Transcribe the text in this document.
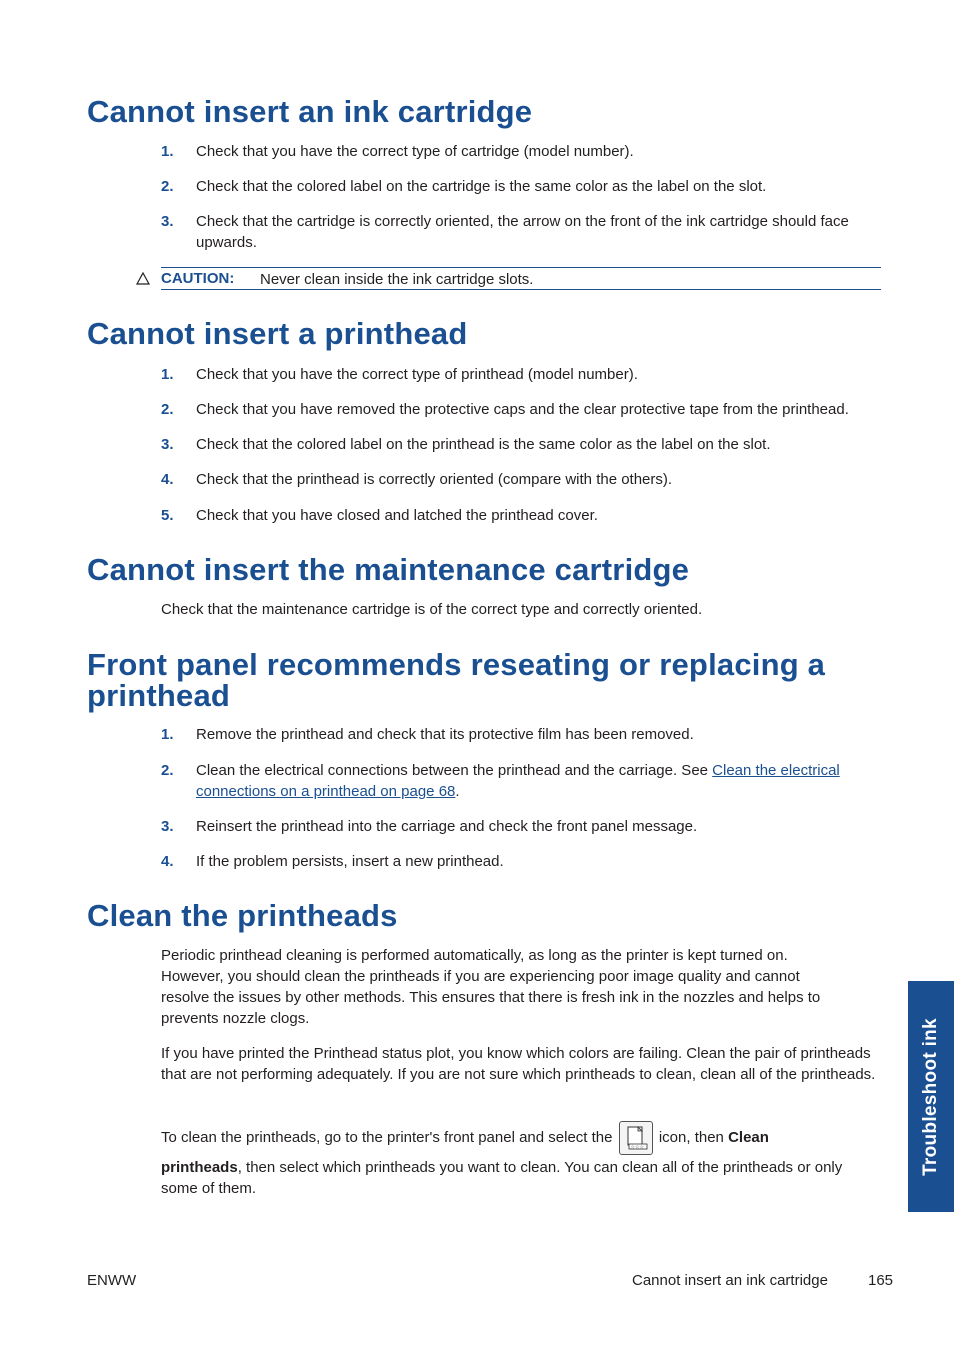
Cannot insert an ink cartridge
1. Check that you have the correct type of cartridge (model number).
2. Check that the colored label on the cartridge is the same color as the label on the slot.
3. Check that the cartridge is correctly oriented, the arrow on the front of the ink cartridge should face upwards.
CAUTION: Never clean inside the ink cartridge slots.
Cannot insert a printhead
1. Check that you have the correct type of printhead (model number).
2. Check that you have removed the protective caps and the clear protective tape from the printhead.
3. Check that the colored label on the printhead is the same color as the label on the slot.
4. Check that the printhead is correctly oriented (compare with the others).
5. Check that you have closed and latched the printhead cover.
Cannot insert the maintenance cartridge

Check that the maintenance cartridge is of the correct type and correctly oriented.

Front panel recommends reseating or replacing a
printhead
1. Remove the printhead and check that its protective film has been removed.
2. Clean the electrical connections between the printhead and the carriage. See Clean the electrical
connections on a printhead on page 68.
3. Reinsert the printhead into the carriage and check the front panel message.
4. If the problem persists, insert a new printhead.
Clean the printheads

Periodic printhead cleaning is performed automatically, as long as the printer is kept turned on. However, you should clean the printheads if you are experiencing poor image quality and cannot resolve the issues by other methods. This ensures that there is fresh ink in the nozzles and helps to prevents nozzle clogs.

If you have printed the Printhead status plot, you know which colors are failing. Clean the pair of printheads that are not performing adequately. If you are not sure which printheads to clean, clean all of the printheads.

To clean the printheads, go to the printer's front panel and select the
☆☆☆
icon, then Clean

printheads, then select which printheads you want to clean. You can clean all of the printheads or only some of them.

Troubleshoot ink
ENWW	Cannot insert an ink cartridge	165
